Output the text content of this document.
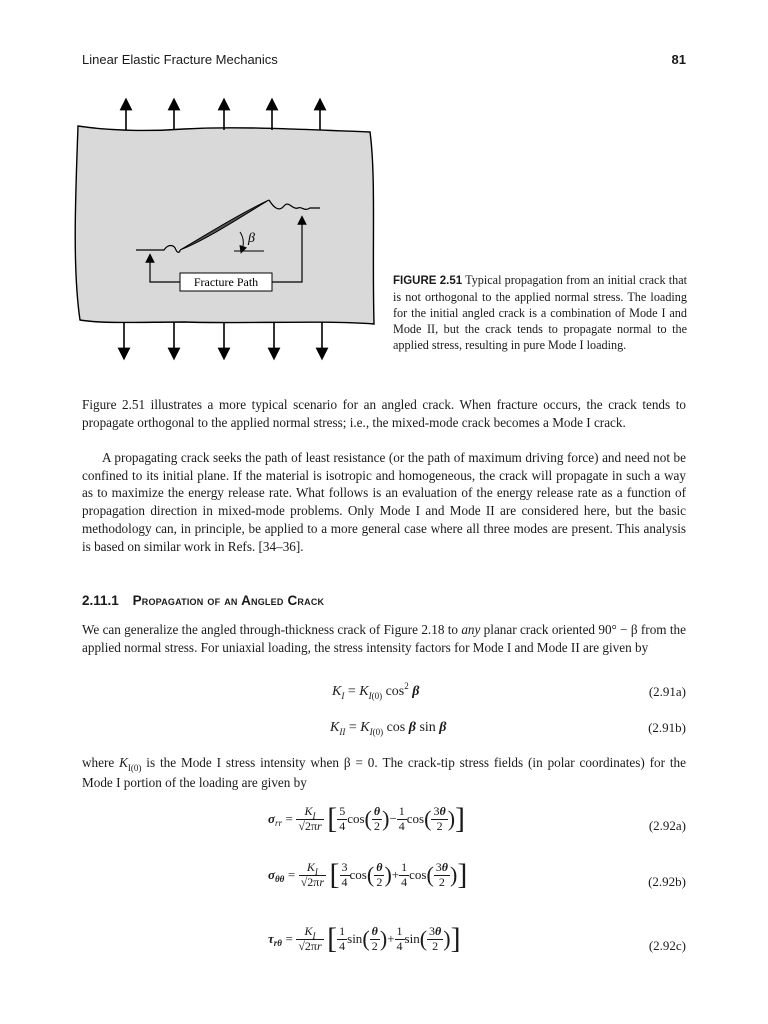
Linear Elastic Fracture Mechanics	81
β
Fracture Path	FIGURE 2.51 Typical propagation from an initial crack that is not orthogonal to the applied normal stress. The loading for the initial angled crack is a combination of Mode I and Mode II, but the crack tends to propagate normal to the applied stress, resulting in pure Mode I loading.

Figure 2.51 illustrates a more typical scenario for an angled crack. When fracture occurs, the crack tends to propagate orthogonal to the applied normal stress; i.e., the mixed-mode crack becomes a Mode I crack.

A propagating crack seeks the path of least resistance (or the path of maximum driving force) and need not be confined to its initial plane. If the material is isotropic and homogeneous, the crack will propagate in such a way as to maximize the energy release rate. What follows is an evaluation of the energy release rate as a function of propagation direction in mixed-mode problems. Only Mode I and Mode II are considered here, but the basic methodology can, in principle, be applied to a more general case where all three modes are present. This analysis is based on similar work in Refs. [34–36].

2.11.1 Propagation of an Angled Crack

We can generalize the angled through-thickness crack of Figure 2.18 to any planar crack oriented 90° − β from the applied normal stress. For uniaxial loading, the stress intensity factors for Mode I and Mode II are given by

$K_I = K_{I(0)}$ $\cos^2 \beta$	(2.91a)
$K_{II} = K_{I(0)}$ cos β sin β	(2.91b)

where $K_{I(0)}$ is the Mode I stress intensity when β = 0. The crack-tip stress fields (in polar coordinates) for the Mode I portion of the loading are given by

$\sigma_{rr} = \frac{K_I}{√2\pi r}$ [ $\frac{5}{4} \cos( \frac{\theta}{2}$ )− $\frac{1}{4} \cos( \frac{3\theta}{2}$ )]	(2.92a)
$\sigma_{\theta\theta} = \frac{K_I}{√2\pi r}$ [ $\frac{3}{4} \cos( \frac{\theta}{2}$ )+ $\frac{1}{4} \cos( \frac{3\theta}{2}$ )]	(2.92b)
$\tau_{r\theta} = \frac{K_I}{√2\pi r}$ [ $\frac{1}{4} \sin( \frac{\theta}{2}$ )+ $\frac{1}{4} \sin( \frac{3\theta}{2}$ )]	(2.92c)
